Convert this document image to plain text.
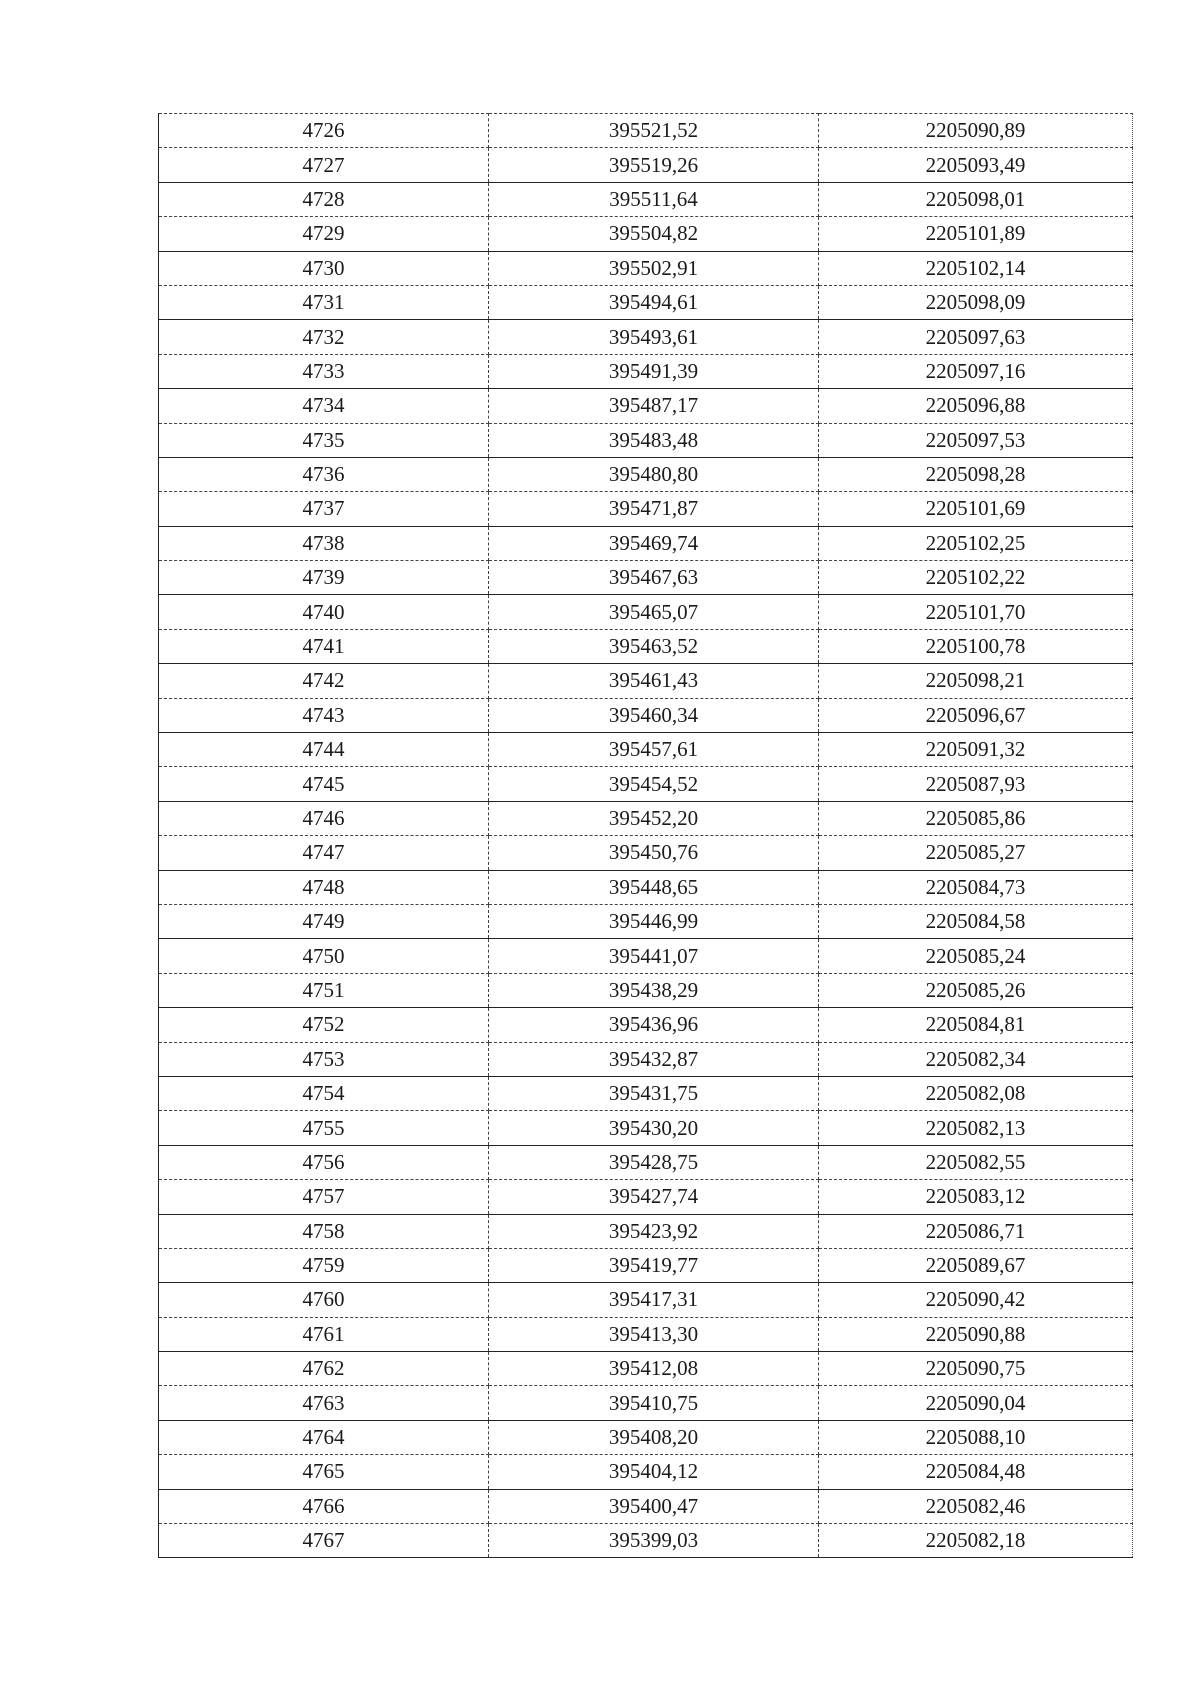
4726	395521,52	2205090,89
4727	395519,26	2205093,49
4728	395511,64	2205098,01
4729	395504,82	2205101,89
4730	395502,91	2205102,14
4731	395494,61	2205098,09
4732	395493,61	2205097,63
4733	395491,39	2205097,16
4734	395487,17	2205096,88
4735	395483,48	2205097,53
4736	395480,80	2205098,28
4737	395471,87	2205101,69
4738	395469,74	2205102,25
4739	395467,63	2205102,22
4740	395465,07	2205101,70
4741	395463,52	2205100,78
4742	395461,43	2205098,21
4743	395460,34	2205096,67
4744	395457,61	2205091,32
4745	395454,52	2205087,93
4746	395452,20	2205085,86
4747	395450,76	2205085,27
4748	395448,65	2205084,73
4749	395446,99	2205084,58
4750	395441,07	2205085,24
4751	395438,29	2205085,26
4752	395436,96	2205084,81
4753	395432,87	2205082,34
4754	395431,75	2205082,08
4755	395430,20	2205082,13
4756	395428,75	2205082,55
4757	395427,74	2205083,12
4758	395423,92	2205086,71
4759	395419,77	2205089,67
4760	395417,31	2205090,42
4761	395413,30	2205090,88
4762	395412,08	2205090,75
4763	395410,75	2205090,04
4764	395408,20	2205088,10
4765	395404,12	2205084,48
4766	395400,47	2205082,46
4767	395399,03	2205082,18
